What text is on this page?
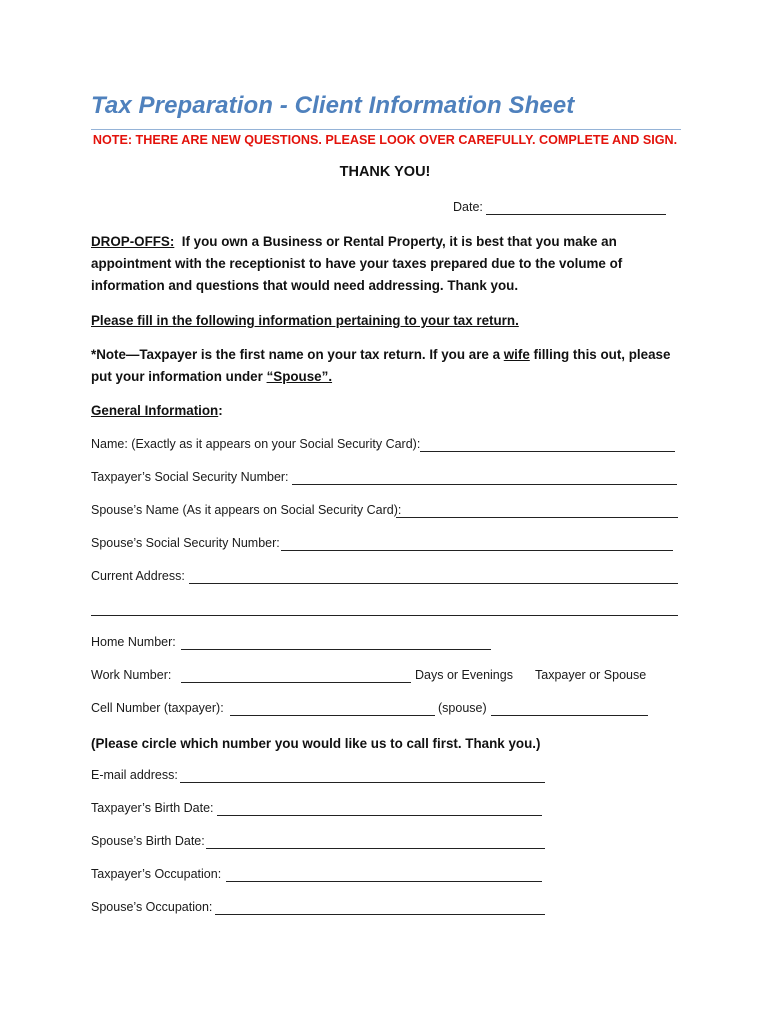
Tax Preparation - Client Information Sheet
NOTE: THERE ARE NEW QUESTIONS. PLEASE LOOK OVER CAREFULLY. COMPLETE AND SIGN.
THANK YOU!
Date:
DROP-OFFS: If you own a Business or Rental Property, it is best that you make an
appointment with the receptionist to have your taxes prepared due to the volume of
information and questions that would need addressing. Thank you.
Please fill in the following information pertaining to your tax return.
*Note—Taxpayer is the first name on your tax return. If you are a wife filling this out, please
put your information under “Spouse”.
General Information:
Name: (Exactly as it appears on your Social Security Card):
Taxpayer’s Social Security Number:
Spouse’s Name (As it appears on Social Security Card):
Spouse’s Social Security Number:
Current Address:
Home Number:
Work Number:	Days or Evenings Taxpayer or Spouse
Cell Number (taxpayer):	(spouse)
(Please circle which number you would like us to call first. Thank you.)
E-mail address:
Taxpayer’s Birth Date:
Spouse’s Birth Date:
Taxpayer’s Occupation:
Spouse’s Occupation:
